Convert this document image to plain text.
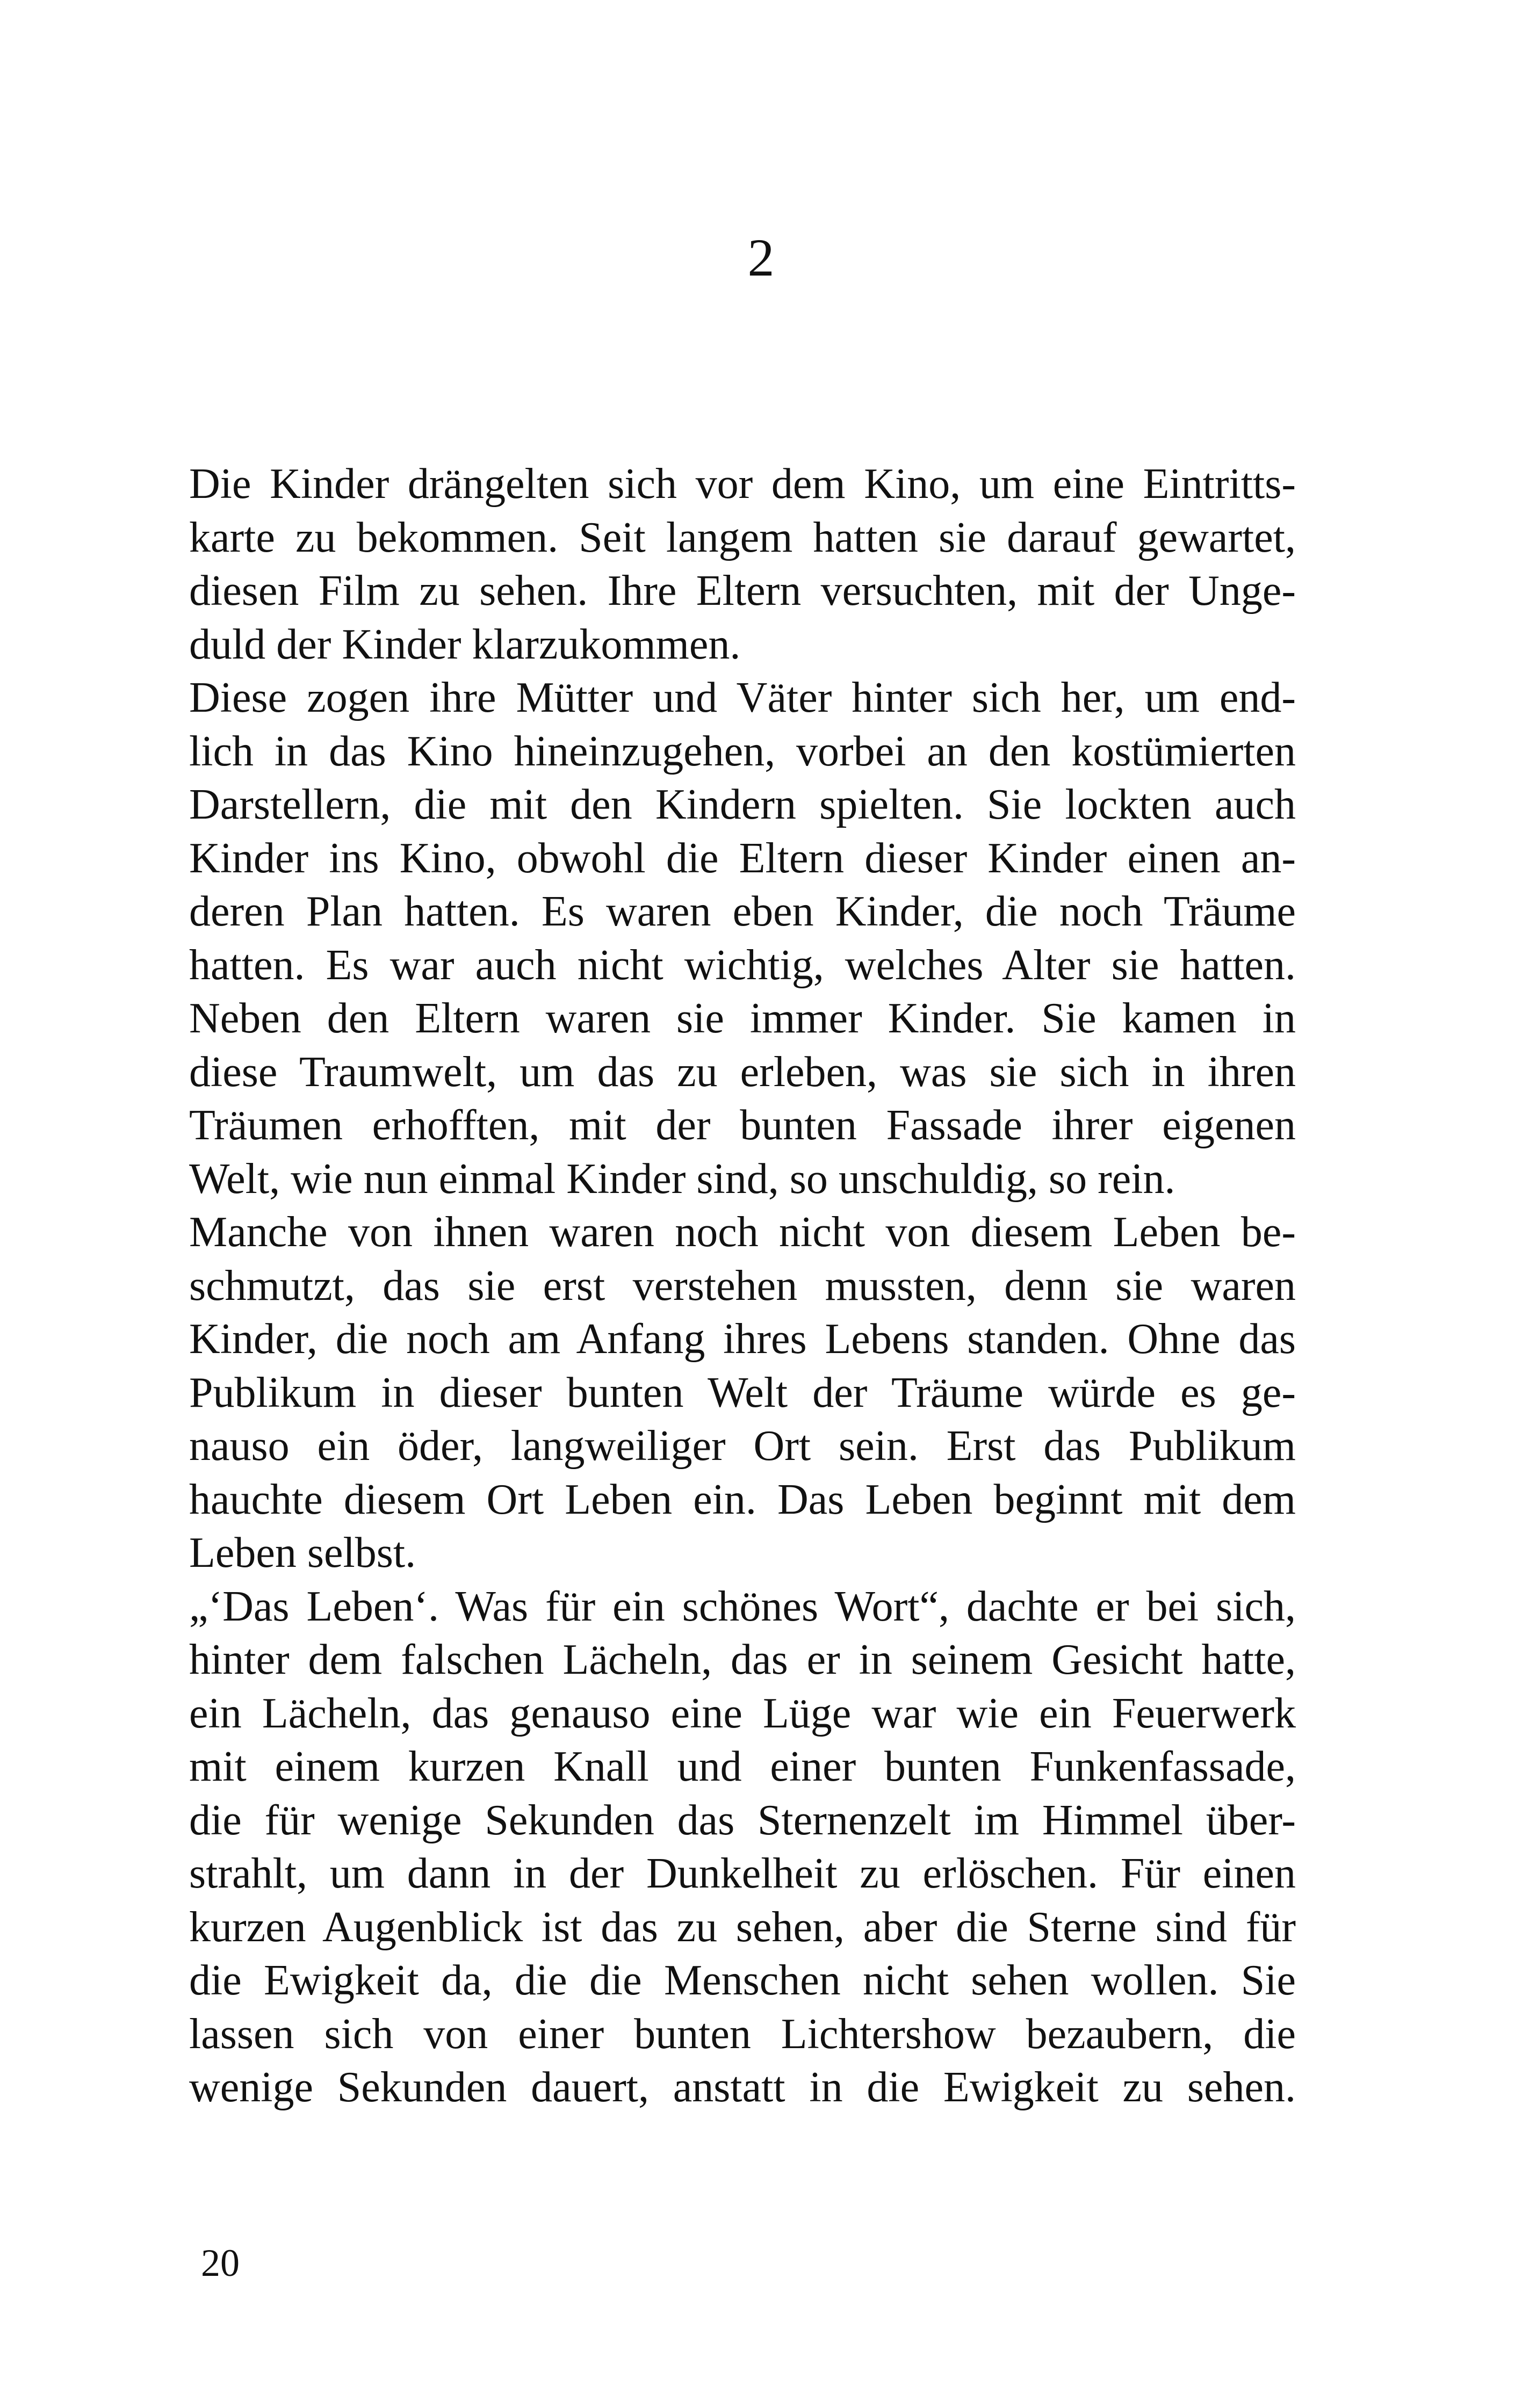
2
Die Kinder drängelten sich vor dem Kino, um eine Eintritts-
karte zu bekommen. Seit langem hatten sie darauf gewartet,
diesen Film zu sehen. Ihre Eltern versuchten, mit der Unge-
duld der Kinder klarzukommen.
Diese zogen ihre Mütter und Väter hinter sich her, um end-
lich in das Kino hineinzugehen, vorbei an den kostümierten
Darstellern, die mit den Kindern spielten. Sie lockten auch
Kinder ins Kino, obwohl die Eltern dieser Kinder einen an-
deren Plan hatten. Es waren eben Kinder, die noch Träume
hatten. Es war auch nicht wichtig, welches Alter sie hatten.
Neben den Eltern waren sie immer Kinder. Sie kamen in
diese Traumwelt, um das zu erleben, was sie sich in ihren
Träumen erhofften, mit der bunten Fassade ihrer eigenen
Welt, wie nun einmal Kinder sind, so unschuldig, so rein.
Manche von ihnen waren noch nicht von diesem Leben be-
schmutzt, das sie erst verstehen mussten, denn sie waren
Kinder, die noch am Anfang ihres Lebens standen. Ohne das
Publikum in dieser bunten Welt der Träume würde es ge-
nauso ein öder, langweiliger Ort sein. Erst das Publikum
hauchte diesem Ort Leben ein. Das Leben beginnt mit dem
Leben selbst.
„‘Das Leben‘. Was für ein schönes Wort“, dachte er bei sich,
hinter dem falschen Lächeln, das er in seinem Gesicht hatte,
ein Lächeln, das genauso eine Lüge war wie ein Feuerwerk
mit einem kurzen Knall und einer bunten Funkenfassade,
die für wenige Sekunden das Sternenzelt im Himmel über-
strahlt, um dann in der Dunkelheit zu erlöschen. Für einen
kurzen Augenblick ist das zu sehen, aber die Sterne sind für
die Ewigkeit da, die die Menschen nicht sehen wollen. Sie
lassen sich von einer bunten Lichtershow bezaubern, die
wenige Sekunden dauert, anstatt in die Ewigkeit zu sehen.
20
